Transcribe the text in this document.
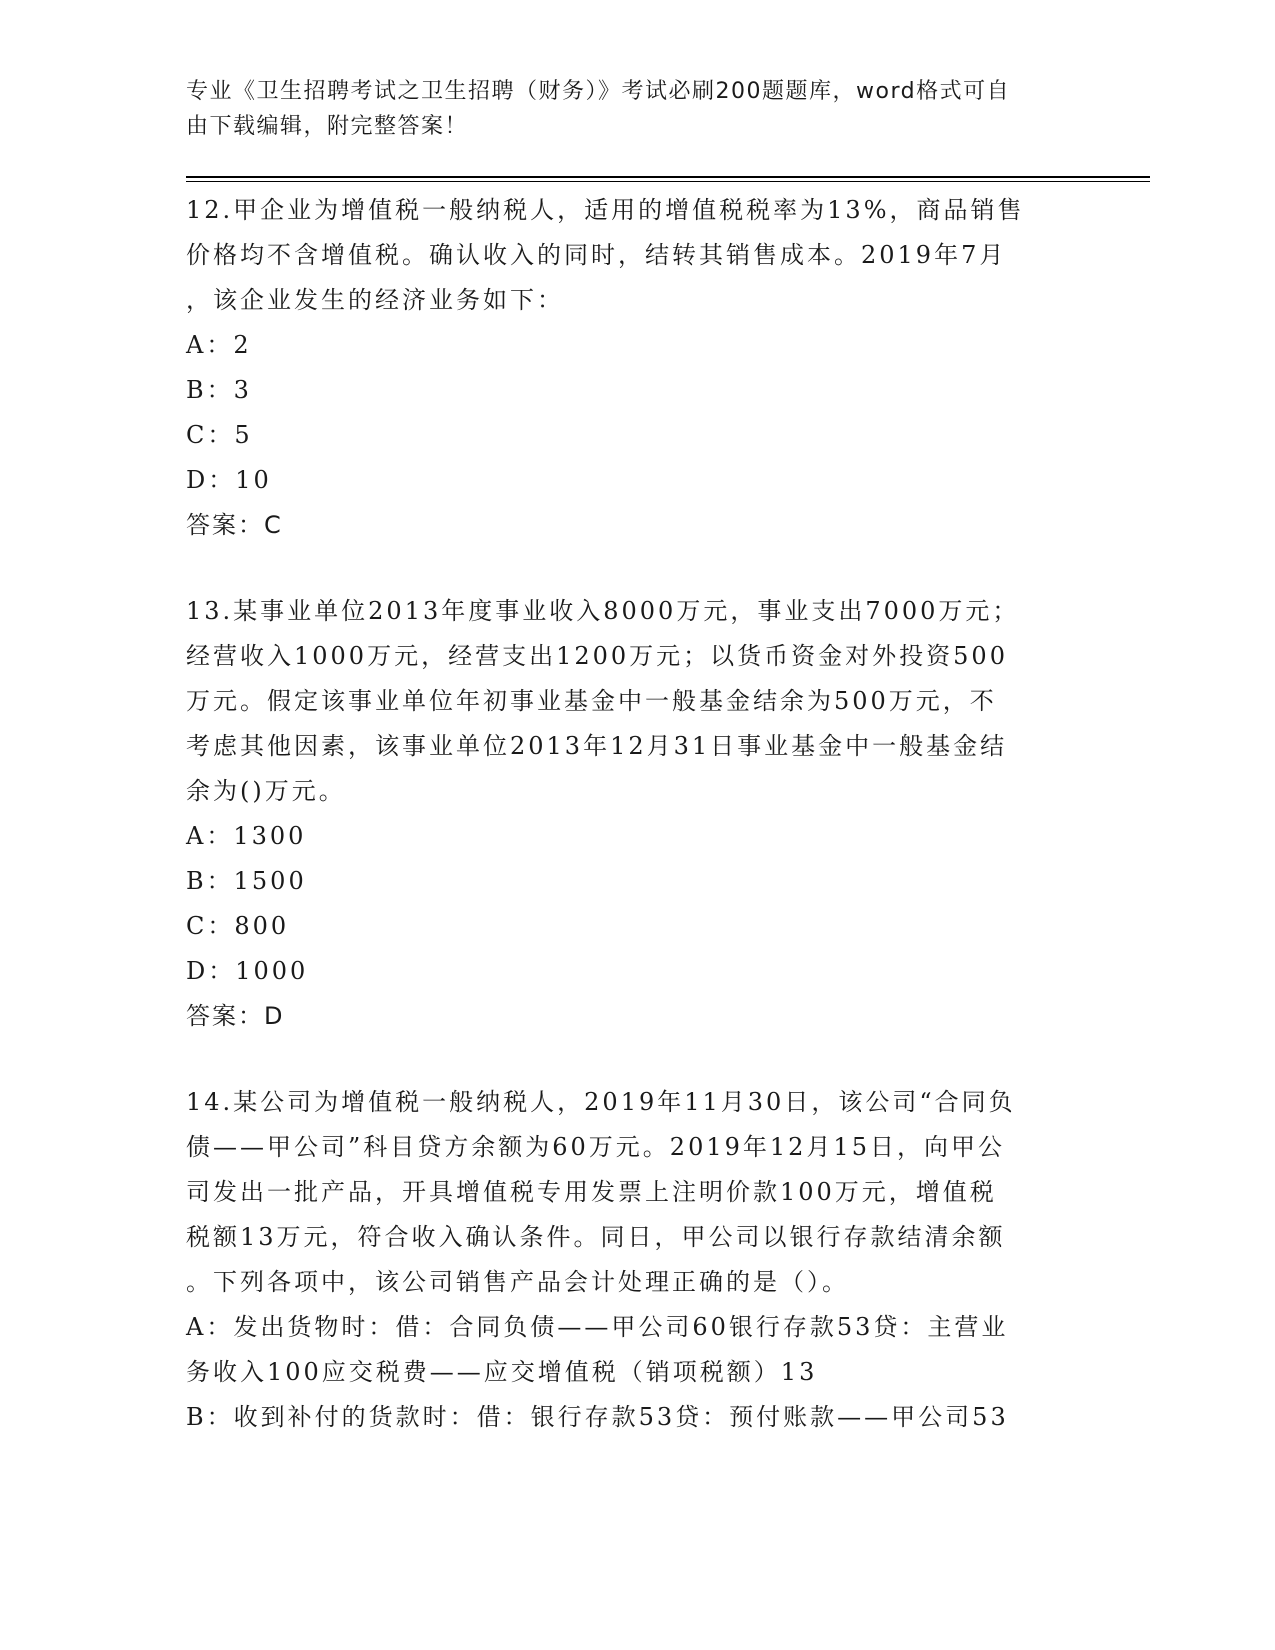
专业《卫生招聘考试之卫生招聘（财务）》考试必刷200题题库，word格式可自
由下载编辑，附完整答案！

12.甲企业为增值税一般纳税人，适用的增值税税率为13%，商品销售

价格均不含增值税。确认收入的同时，结转其销售成本。2019年7月

，该企业发生的经济业务如下：

A：2

B：3

C：5

D：10

答案：C

13.某事业单位2013年度事业收入8000万元，事业支出7000万元；

经营收入1000万元，经营支出1200万元；以货币资金对外投资500

万元。假定该事业单位年初事业基金中一般基金结余为500万元，不

考虑其他因素，该事业单位2013年12月31日事业基金中一般基金结

余为()万元。

A：1300

B：1500

C：800

D：1000

答案：D

14.某公司为增值税一般纳税人，2019年11月30日，该公司“合同负

债——甲公司”科目贷方余额为60万元。2019年12月15日，向甲公

司发出一批产品，开具增值税专用发票上注明价款100万元，增值税

税额13万元，符合收入确认条件。同日，甲公司以银行存款结清余额

。下列各项中，该公司销售产品会计处理正确的是（）。

A：发出货物时：借：合同负债——甲公司60银行存款53贷：主营业

务收入100应交税费——应交增值税（销项税额）13

B：收到补付的货款时：借：银行存款53贷：预付账款——甲公司53
